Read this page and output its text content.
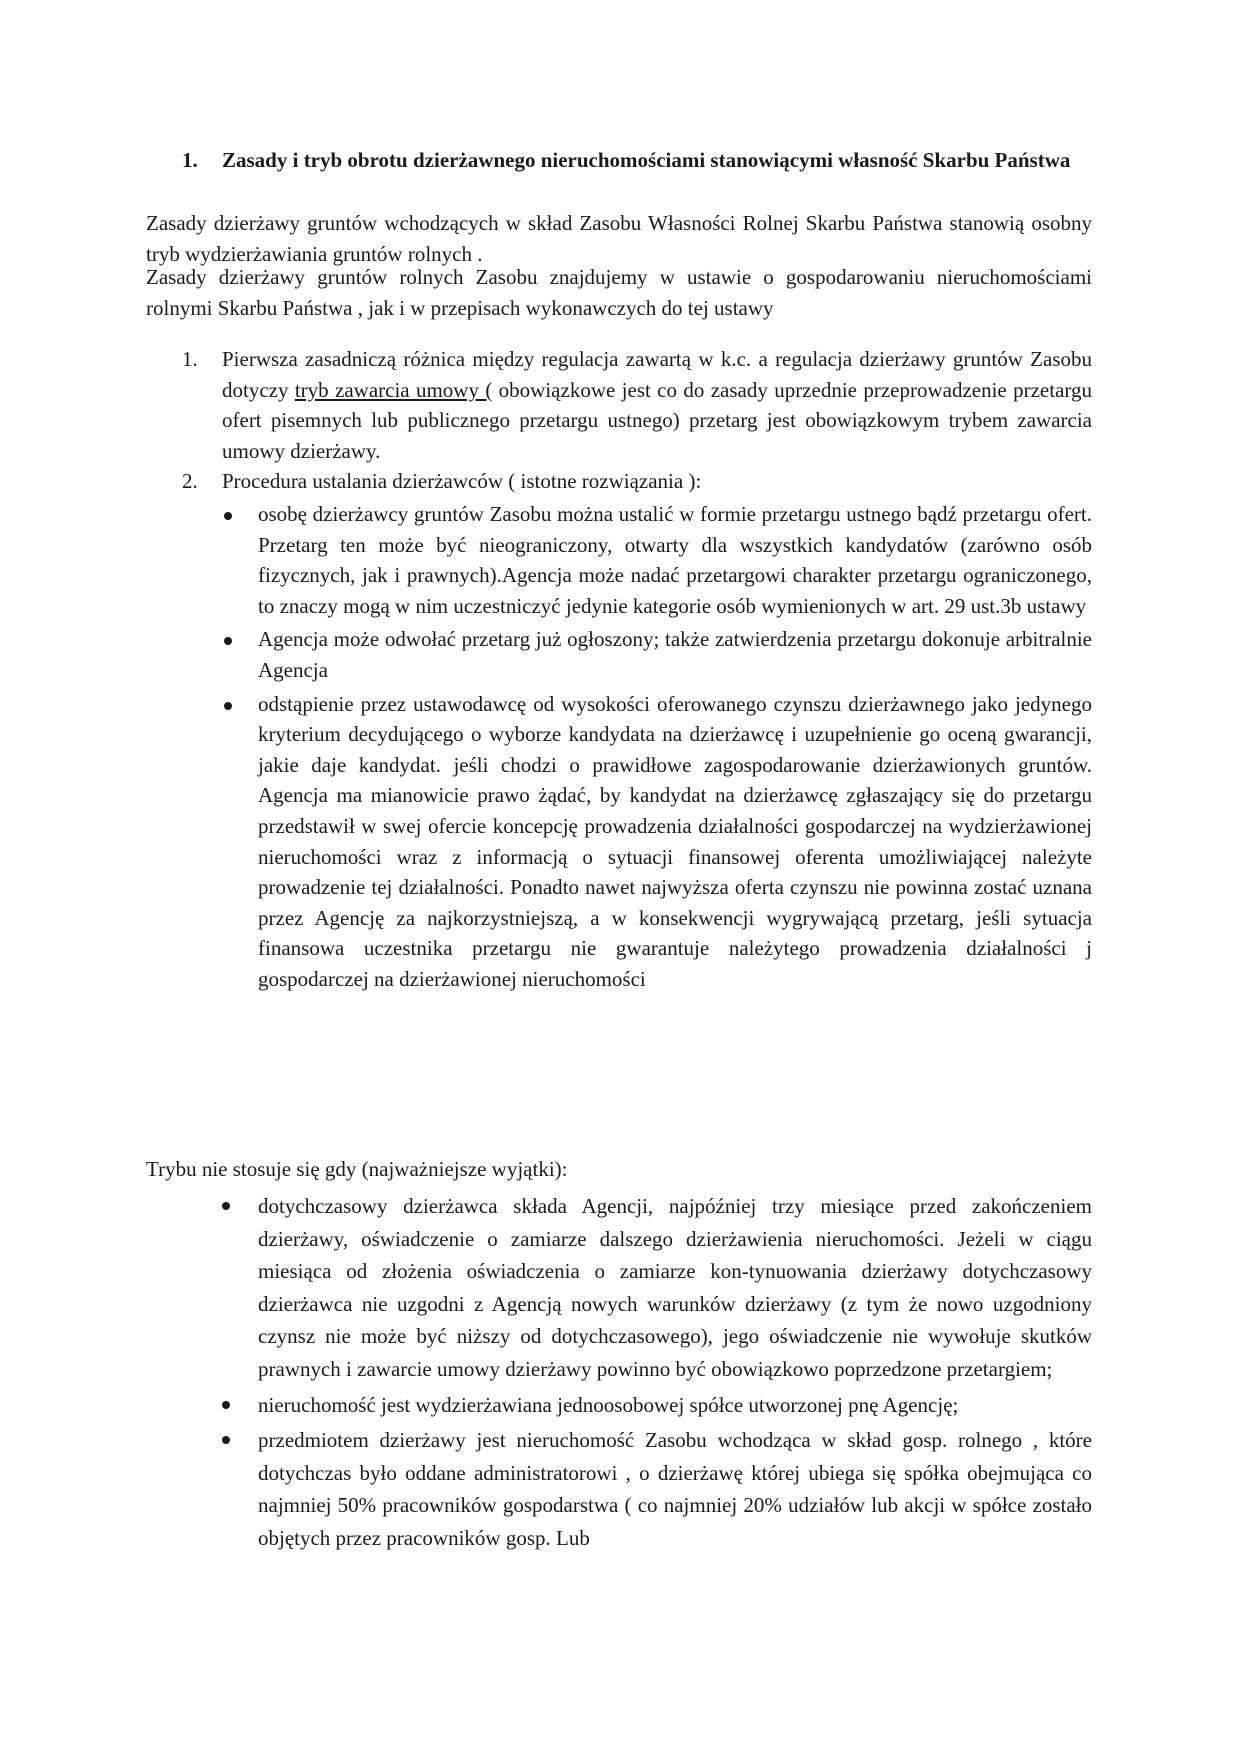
1. Zasady i tryb obrotu dzierżawnego nieruchomościami stanowiącymi własność Skarbu Państwa
Zasady dzierżawy gruntów wchodzących w skład Zasobu Własności Rolnej Skarbu Państwa stanowią osobny tryb wydzierżawiania gruntów rolnych .
Zasady dzierżawy gruntów rolnych Zasobu znajdujemy w ustawie o gospodarowaniu nieruchomościami rolnymi Skarbu Państwa , jak i w przepisach wykonawczych do tej ustawy
1. Pierwsza zasadniczą różnica między regulacja zawartą w k.c. a regulacja dzierżawy gruntów Zasobu dotyczy tryb zawarcia umowy ( obowiązkowe jest co do zasady uprzednie przeprowadzenie przetargu ofert pisemnych lub publicznego przetargu ustnego) przetarg jest obowiązkowym trybem zawarcia umowy dzierżawy.
2. Procedura ustalania dzierżawców ( istotne rozwiązania ):
osobę dzierżawcy gruntów Zasobu można ustalić w formie przetargu ustnego bądź przetargu ofert. Przetarg ten może być nieograniczony, otwarty dla wszystkich kandydatów (zarówno osób fizycznych, jak i prawnych).Agencja może nadać przetargowi charakter przetargu ograniczonego, to znaczy mogą w nim uczestniczyć jedynie kategorie osób wymienionych w art. 29 ust.3b ustawy
Agencja może odwołać przetarg już ogłoszony; także zatwierdzenia przetargu dokonuje arbitralnie Agencja
odstąpienie przez ustawodawcę od wysokości oferowanego czynszu dzierżawnego jako jedynego kryterium decydującego o wyborze kandydata na dzierżawcę i uzupełnienie go oceną gwarancji, jakie daje kandydat. jeśli chodzi o prawidłowe zagospodarowanie dzierżawionych gruntów. Agencja ma mianowicie prawo żądać, by kandydat na dzierżawcę zgłaszający się do przetargu przedstawił w swej ofercie koncepcję prowadzenia działalności gospodarczej na wydzierżawionej nieruchomości wraz z informacją o sytuacji finansowej oferenta umożliwiającej należyte prowadzenie tej działalności. Ponadto nawet najwyższa oferta czynszu nie powinna zostać uznana przez Agencję za najkorzystniejszą, a w konsekwencji wygrywającą przetarg, jeśli sytuacja finansowa uczestnika przetargu nie gwarantuje należytego prowadzenia działalności j gospodarczej na dzierżawionej nieruchomości
Trybu nie stosuje się gdy (najważniejsze wyjątki):
dotychczasowy dzierżawca składa Agencji, najpóźniej trzy miesiące przed zakończeniem dzierżawy, oświadczenie o zamiarze dalszego dzierżawienia nieruchomości. Jeżeli w ciągu miesiąca od złożenia oświadczenia o zamiarze kon-tynuowania dzierżawy dotychczasowy dzierżawca nie uzgodni z Agencją nowych warunków dzierżawy (z tym że nowo uzgodniony czynsz nie może być niższy od dotychczasowego), jego oświadczenie nie wywołuje skutków prawnych i zawarcie umowy dzierżawy powinno być obowiązkowo poprzedzone przetargiem;
nieruchomość jest wydzierżawiana jednoosobowej spółce utworzonej pnę Agencję;
przedmiotem dzierżawy jest nieruchomość Zasobu wchodząca w skład gosp. rolnego , które dotychczas było oddane administratorowi , o dzierżawę której ubiega się spółka obejmująca co najmniej 50% pracowników gospodarstwa ( co najmniej 20% udziałów lub akcji w spółce zostało objętych przez pracowników gosp. Lub
